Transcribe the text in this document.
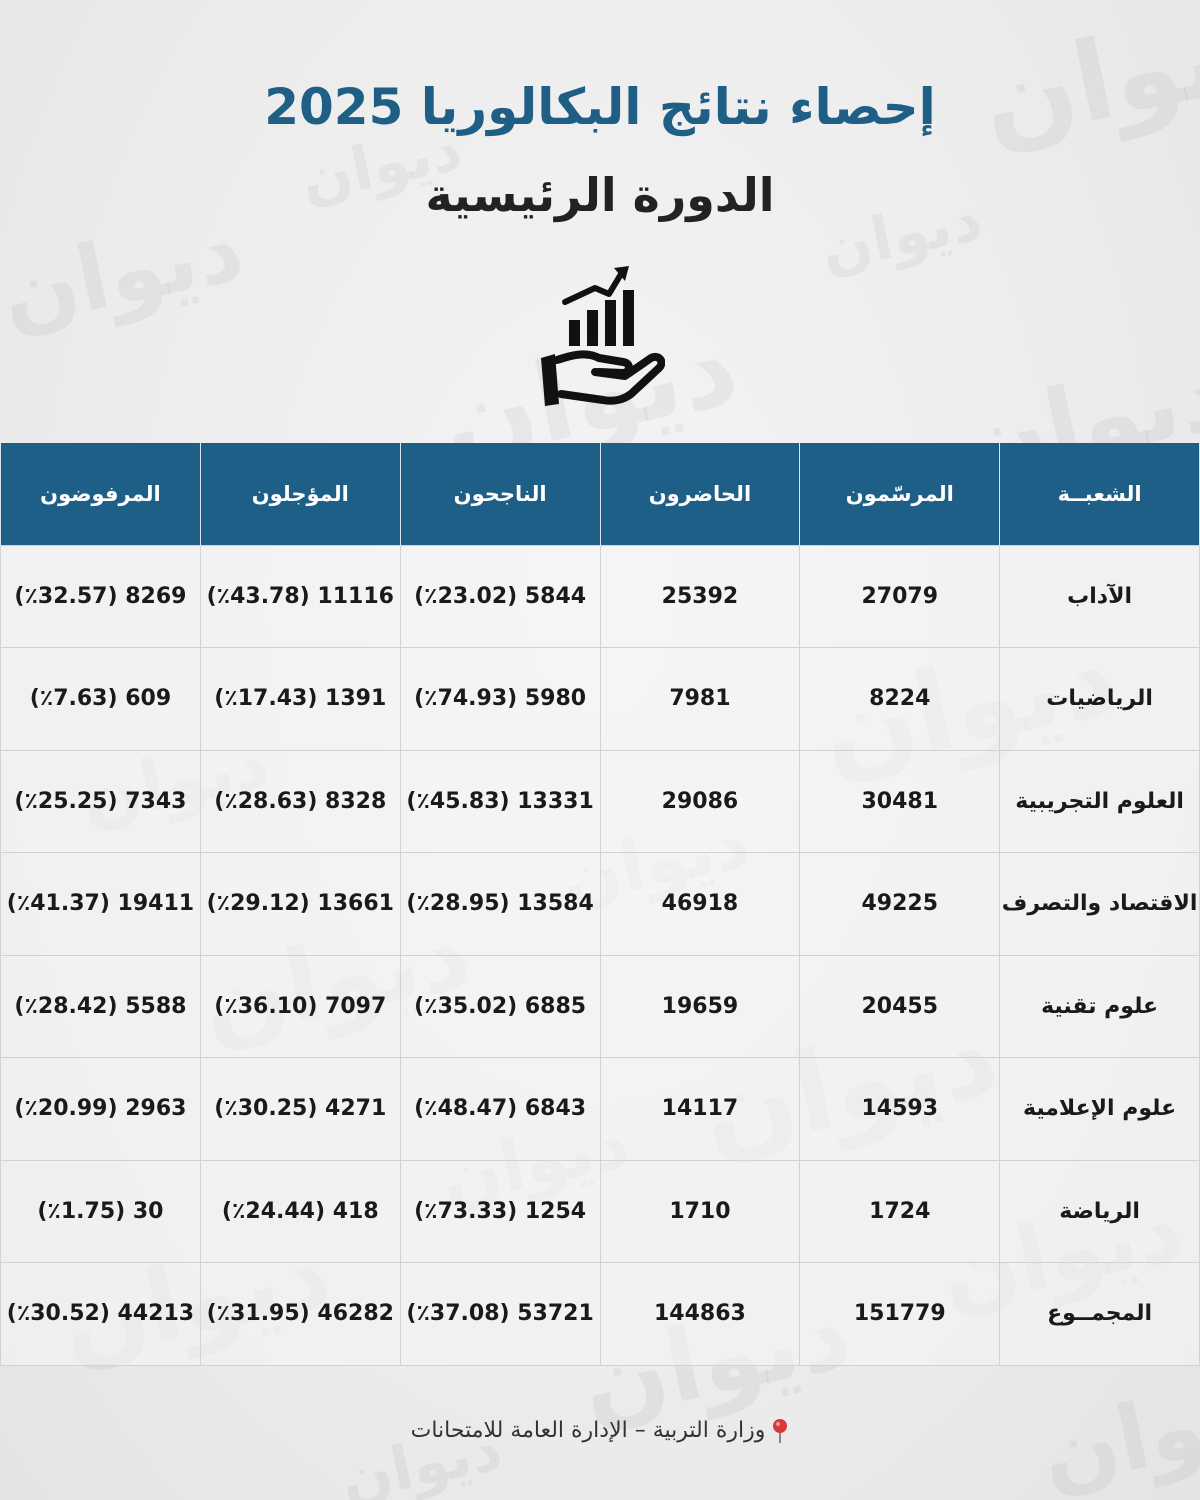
إحصاء نتائج البكالوريا 2025
الدورة الرئيسية
الشعبــة	المرسّمون	الحاضرون	الناجحون	المؤجلون	المرفوضون
الآداب	27079	25392	5844 (٪23.02)	11116 (٪43.78)	8269 (٪32.57)
الرياضيات	8224	7981	5980 (٪74.93)	1391 (٪17.43)	609 (٪7.63)
العلوم التجريبية	30481	29086	13331 (٪45.83)	8328 (٪28.63)	7343 (٪25.25)
الاقتصاد والتصرف	49225	46918	13584 (٪28.95)	13661 (٪29.12)	19411 (٪41.37)
علوم تقنية	20455	19659	6885 (٪35.02)	7097 (٪36.10)	5588 (٪28.42)
علوم الإعلامية	14593	14117	6843 (٪48.47)	4271 (٪30.25)	2963 (٪20.99)
الرياضة	1724	1710	1254 (٪73.33)	418 (٪24.44)	30 (٪1.75)
المجمــوع	151779	144863	53721 (٪37.08)	46282 (٪31.95)	44213 (٪30.52)
وزارة التربية – الإدارة العامة للامتحانات
